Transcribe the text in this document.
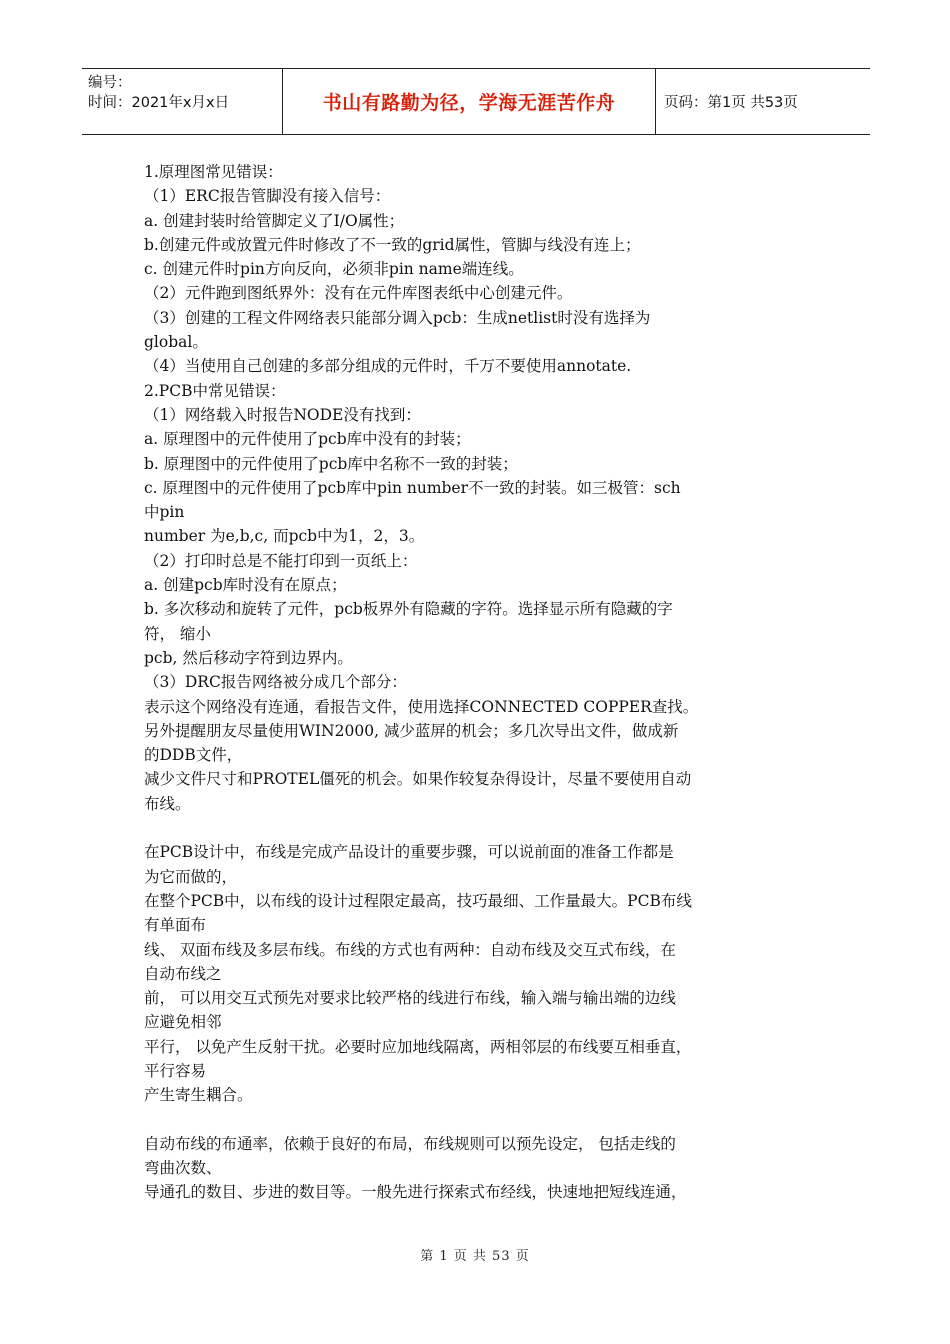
编号：
时间：2021年x月x日	书山有路勤为径，学海无涯苦作舟	页码：第1页 共53页
1.原理图常见错误：
（1）ERC报告管脚没有接入信号：
a. 创建封装时给管脚定义了I/O属性；
b.创建元件或放置元件时修改了不一致的grid属性，管脚与线没有连上；
c. 创建元件时pin方向反向，必须非pin name端连线。
（2）元件跑到图纸界外：没有在元件库图表纸中心创建元件。
（3）创建的工程文件网络表只能部分调入pcb：生成netlist时没有选择为
global。
（4）当使用自己创建的多部分组成的元件时，千万不要使用annotate.
2.PCB中常见错误：
（1）网络载入时报告NODE没有找到：
a. 原理图中的元件使用了pcb库中没有的封装；
b. 原理图中的元件使用了pcb库中名称不一致的封装；
c. 原理图中的元件使用了pcb库中pin number不一致的封装。如三极管：sch
中pin
number 为e,b,c, 而pcb中为1，2，3。
（2）打印时总是不能打印到一页纸上：
a. 创建pcb库时没有在原点；
b. 多次移动和旋转了元件，pcb板界外有隐藏的字符。选择显示所有隐藏的字
符， 缩小
pcb, 然后移动字符到边界内。
（3）DRC报告网络被分成几个部分：
表示这个网络没有连通，看报告文件，使用选择CONNECTED COPPER查找。
另外提醒朋友尽量使用WIN2000, 减少蓝屏的机会；多几次导出文件，做成新
的DDB文件，
减少文件尺寸和PROTEL僵死的机会。如果作较复杂得设计，尽量不要使用自动
布线。
在PCB设计中，布线是完成产品设计的重要步骤，可以说前面的准备工作都是
为它而做的，
在整个PCB中，以布线的设计过程限定最高，技巧最细、工作量最大。PCB布线
有单面布
线、 双面布线及多层布线。布线的方式也有两种：自动布线及交互式布线，在
自动布线之
前， 可以用交互式预先对要求比较严格的线进行布线，输入端与输出端的边线
应避免相邻
平行， 以免产生反射干扰。必要时应加地线隔离，两相邻层的布线要互相垂直，
平行容易
产生寄生耦合。
自动布线的布通率，依赖于良好的布局，布线规则可以预先设定， 包括走线的
弯曲次数、
导通孔的数目、步进的数目等。一般先进行探索式布经线，快速地把短线连通，
第 1 页 共 53 页
